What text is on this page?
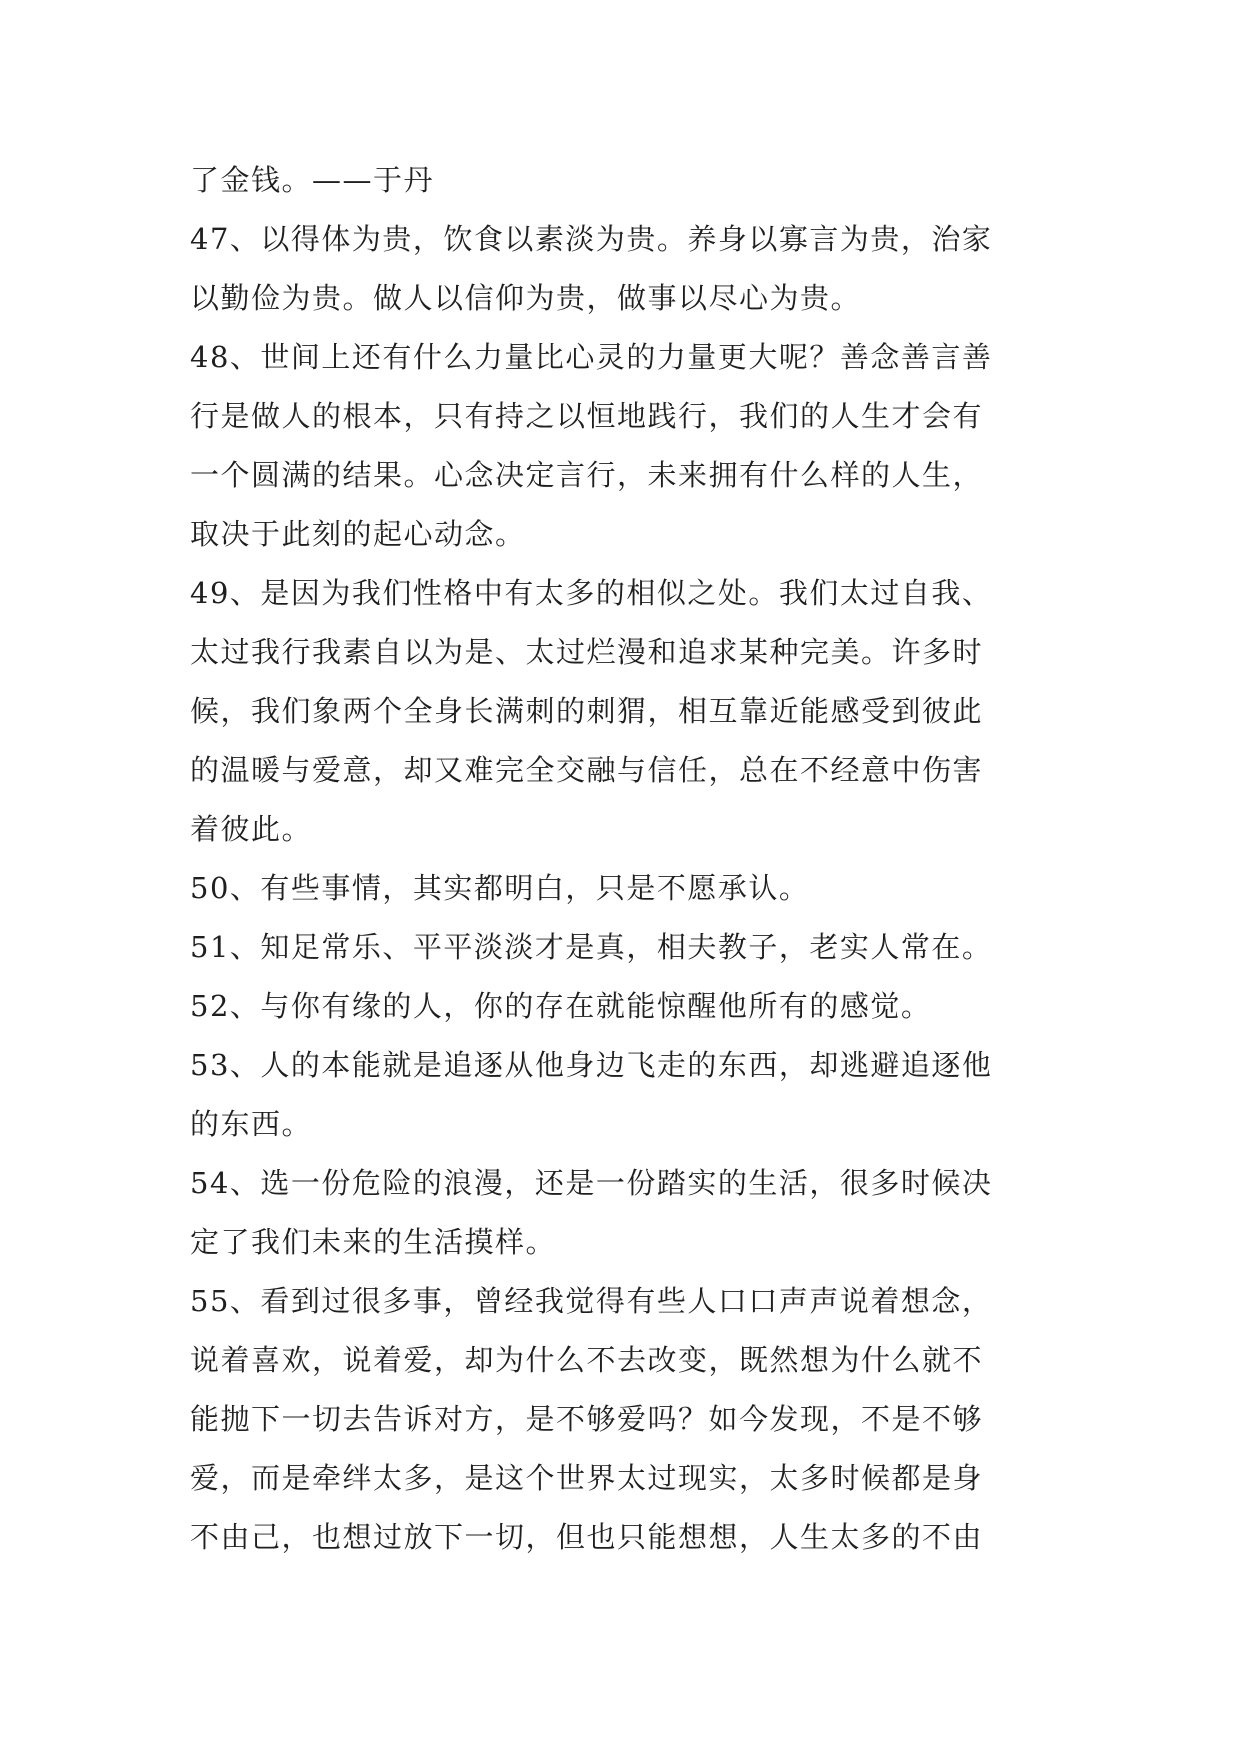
了金钱。——于丹
47、以得体为贵，饮食以素淡为贵。养身以寡言为贵，治家
以勤俭为贵。做人以信仰为贵，做事以尽心为贵。
48、世间上还有什么力量比心灵的力量更大呢？善念善言善
行是做人的根本，只有持之以恒地践行，我们的人生才会有
一个圆满的结果。心念决定言行，未来拥有什么样的人生，
取决于此刻的起心动念。
49、是因为我们性格中有太多的相似之处。我们太过自我、
太过我行我素自以为是、太过烂漫和追求某种完美。许多时
候，我们象两个全身长满刺的刺猬，相互靠近能感受到彼此
的温暖与爱意，却又难完全交融与信任，总在不经意中伤害
着彼此。
50、有些事情，其实都明白，只是不愿承认。
51、知足常乐、平平淡淡才是真，相夫教子，老实人常在。
52、与你有缘的人，你的存在就能惊醒他所有的感觉。
53、人的本能就是追逐从他身边飞走的东西，却逃避追逐他
的东西。
54、选一份危险的浪漫，还是一份踏实的生活，很多时候决
定了我们未来的生活摸样。
55、看到过很多事，曾经我觉得有些人口口声声说着想念，
说着喜欢，说着爱，却为什么不去改变，既然想为什么就不
能抛下一切去告诉对方，是不够爱吗？如今发现，不是不够
爱，而是牵绊太多，是这个世界太过现实，太多时候都是身
不由己，也想过放下一切，但也只能想想，人生太多的不由
